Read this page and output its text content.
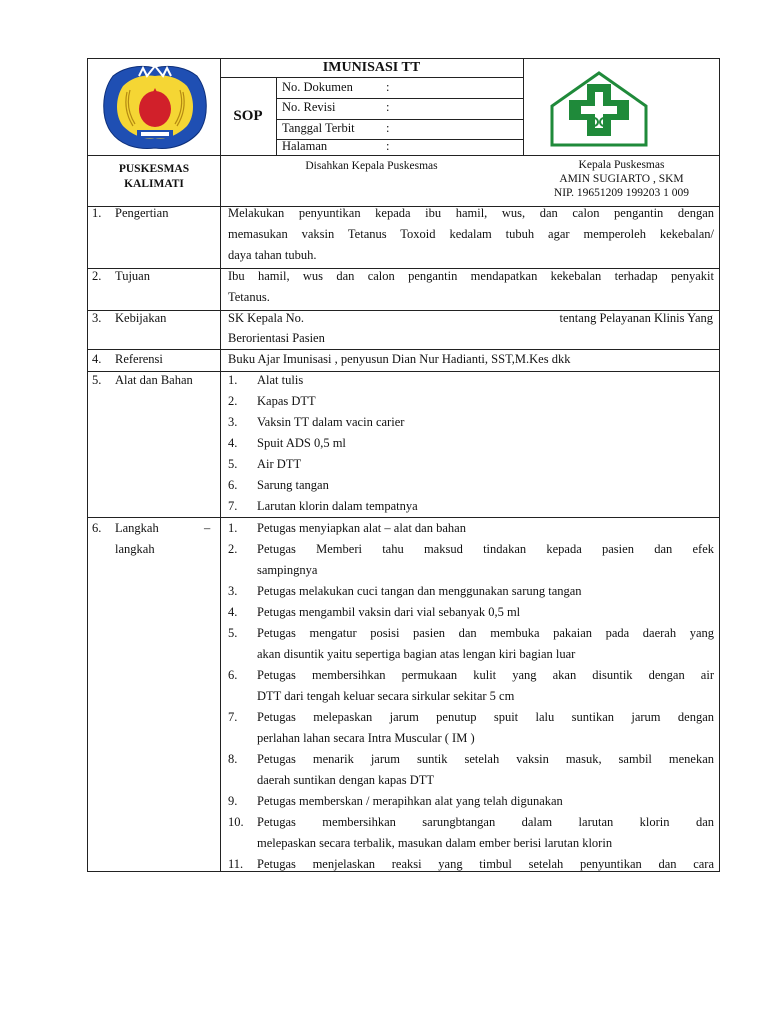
IMUNISASI TT
SOP
No. Dokumen	:
No. Revisi	:
Tanggal Terbit	:
Halaman	:
PUSKESMAS
KALIMATI
Disahkan Kepala Puskesmas	Kepala Puskesmas
AMIN SUGIARTO , SKM
NIP. 19651209 199203 1 009
1. Pengertian	Melakukan penyuntikan kepada ibu hamil, wus, dan calon pengantin dengan
memasukan vaksin Tetanus Toxoid kedalam tubuh agar memperoleh kekebalan/
daya tahan tubuh.
2. Tujuan	Ibu hamil, wus dan calon pengantin mendapatkan kekebalan terhadap penyakit
Tetanus.
3. Kebijakan	SK Kepala No.	tentang Pelayanan Klinis Yang
Berorientasi Pasien
4. Referensi	Buku Ajar Imunisasi , penyusun Dian Nur Hadianti, SST,M.Kes dkk
5. Alat dan Bahan	1.	Alat tulis
2.	Kapas DTT
3.	Vaksin TT dalam vacin carier
4.	Spuit ADS 0,5 ml
5.	Air DTT
6.	Sarung tangan
7.	Larutan klorin dalam tempatnya
6. Langkah	–
langkah
1.	Petugas menyiapkan alat – alat dan bahan
2.	Petugas Memberi tahu maksud tindakan kepada pasien dan efek
sampingnya
3.	Petugas melakukan cuci tangan dan menggunakan sarung tangan
4.	Petugas mengambil vaksin dari vial sebanyak 0,5 ml
5.	Petugas mengatur posisi pasien dan membuka pakaian pada daerah yang
akan disuntik yaitu sepertiga bagian atas lengan kiri bagian luar
6.	Petugas membersihkan permukaan kulit yang akan disuntik dengan air
DTT dari tengah keluar secara sirkular sekitar 5 cm
7.	Petugas melepaskan jarum penutup spuit lalu suntikan jarum dengan
perlahan lahan secara Intra Muscular ( IM )
8.	Petugas menarik jarum suntik setelah vaksin masuk, sambil menekan
daerah suntikan dengan kapas DTT
9.	Petugas memberskan / merapihkan alat yang telah digunakan
10.	Petugas membersihkan sarungbtangan dalam larutan klorin dan
melepaskan secara terbalik, masukan dalam ember berisi larutan klorin
11.	Petugas menjelaskan reaksi yang timbul setelah penyuntikan dan cara
